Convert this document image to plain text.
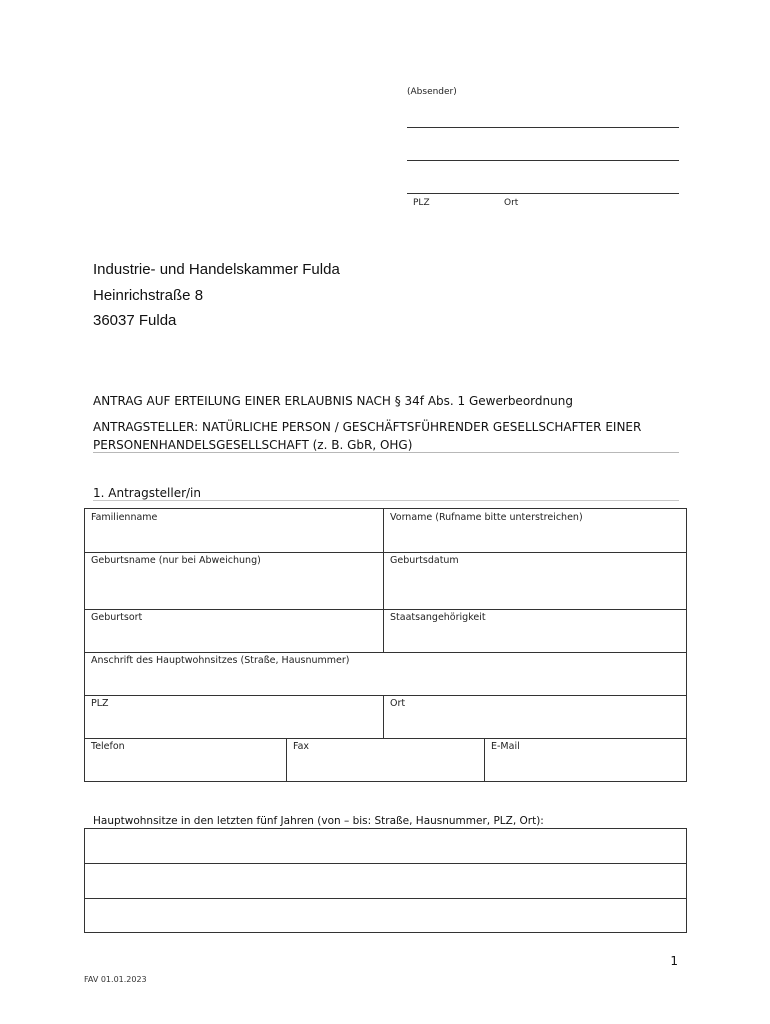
(Absender)
PLZ	Ort
Industrie- und Handelskammer Fulda
Heinrichstraße 8
36037 Fulda
ANTRAG AUF ERTEILUNG EINER ERLAUBNIS NACH § 34f Abs. 1 Gewerbeordnung
ANTRAGSTELLER: NATÜRLICHE PERSON / GESCHÄFTSFÜHRENDER GESELLSCHAFTER EINER PERSONENHANDELSGESELLSCHAFT (z. B. GbR, OHG)
1. Antragsteller/in
Familienname	Vorname (Rufname bitte unterstreichen)
Geburtsname (nur bei Abweichung)	Geburtsdatum
Geburtsort	Staatsangehörigkeit
Anschrift des Hauptwohnsitzes (Straße, Hausnummer)
PLZ	Ort
Telefon	Fax	E-Mail
Hauptwohnsitze in den letzten fünf Jahren (von – bis: Straße, Hausnummer, PLZ, Ort):
1
FAV 01.01.2023
